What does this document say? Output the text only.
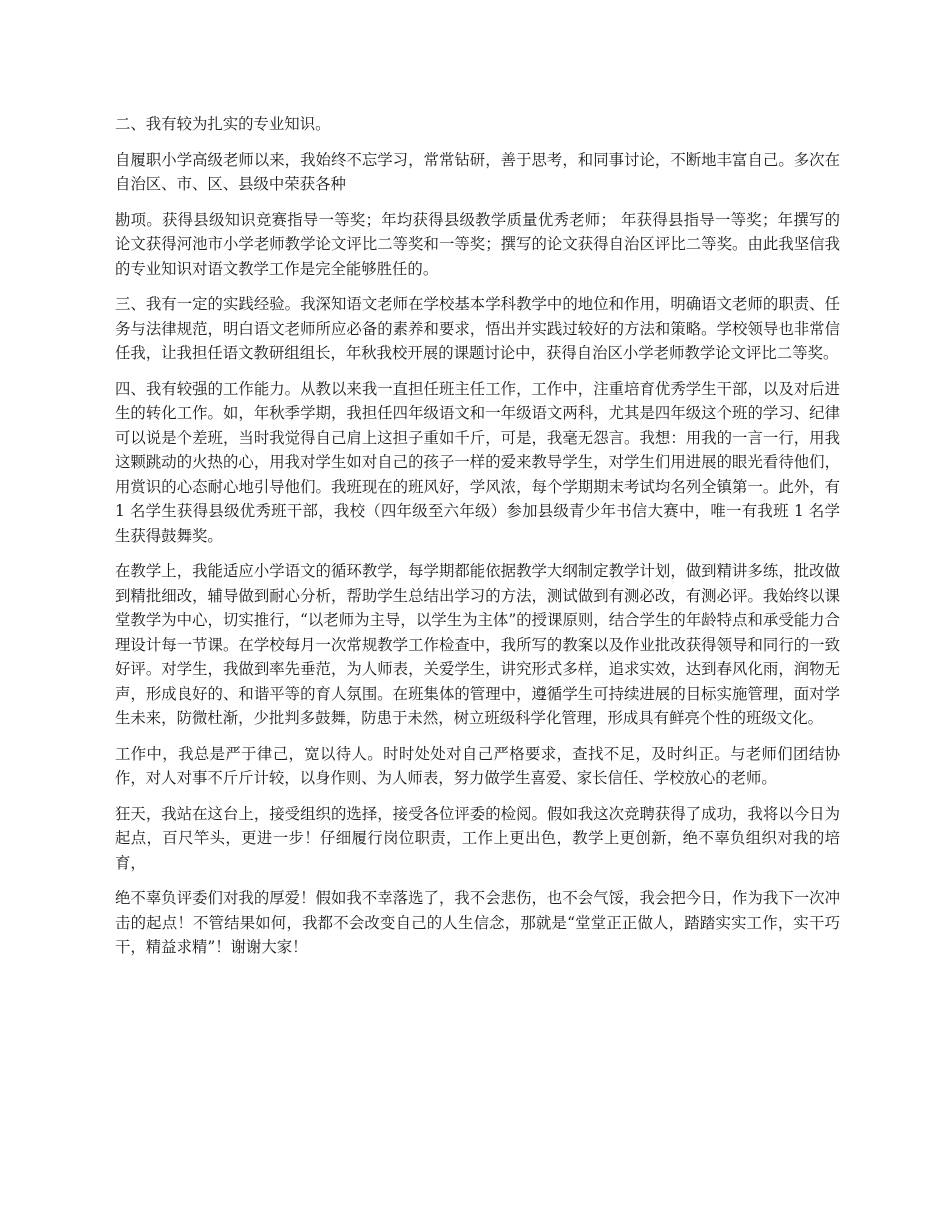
二、我有较为扎实的专业知识。

自履职小学高级老师以来，我始终不忘学习，常常钻研，善于思考，和同事讨论，不断地丰富自己。多次在自治区、市、区、县级中荣获各种

勘项。获得县级知识竞赛指导一等奖；年均获得县级教学质量优秀老师； 年获得县指导一等奖；年撰写的论文获得河池市小学老师教学论文评比二等奖和一等奖；撰写的论文获得自治区评比二等奖。由此我坚信我的专业知识对语文教学工作是完全能够胜任的。

三、我有一定的实践经验。我深知语文老师在学校基本学科教学中的地位和作用，明确语文老师的职责、任务与法律规范，明白语文老师所应必备的素养和要求，悟出并实践过较好的方法和策略。学校领导也非常信任我，让我担任语文教研组组长，年秋我校开展的课题讨论中，获得自治区小学老师教学论文评比二等奖。

四、我有较强的工作能力。从教以来我一直担任班主任工作，工作中，注重培育优秀学生干部，以及对后进生的转化工作。如，年秋季学期，我担任四年级语文和一年级语文两科，尤其是四年级这个班的学习、纪律可以说是个差班，当时我觉得自己肩上这担子重如千斤，可是，我毫无怨言。我想：用我的一言一行，用我这颗跳动的火热的心，用我对学生如对自己的孩子一样的爱来教导学生，对学生们用进展的眼光看待他们，用赏识的心态耐心地引导他们。我班现在的班风好，学风浓，每个学期期末考试均名列全镇第一。此外，有 1 名学生获得县级优秀班干部，我校（四年级至六年级）参加县级青少年书信大赛中，唯一有我班 1 名学生获得鼓舞奖。

在教学上，我能适应小学语文的循环教学，每学期都能依据教学大纲制定教学计划，做到精讲多练，批改做到精批细改，辅导做到耐心分析，帮助学生总结出学习的方法，测试做到有测必改，有测必评。我始终以课堂教学为中心，切实推行，“以老师为主导，以学生为主体”的授课原则，结合学生的年龄特点和承受能力合理设计每一节课。在学校每月一次常规教学工作检查中，我所写的教案以及作业批改获得领导和同行的一致好评。对学生，我做到率先垂范，为人师表，关爱学生，讲究形式多样，追求实效，达到春风化雨，润物无声，形成良好的、和谐平等的育人氛围。在班集体的管理中，遵循学生可持续进展的目标实施管理，面对学生未来，防微杜渐，少批判多鼓舞，防患于未然，树立班级科学化管理，形成具有鲜亮个性的班级文化。

工作中，我总是严于律己，宽以待人。时时处处对自己严格要求，查找不足，及时纠正。与老师们团结协作，对人对事不斤斤计较，以身作则、为人师表，努力做学生喜爱、家长信任、学校放心的老师。

狂天，我站在这台上，接受组织的选择，接受各位评委的检阅。假如我这次竞聘获得了成功，我将以今日为起点，百尺竿头，更进一步！仔细履行岗位职责，工作上更出色，教学上更创新，绝不辜负组织对我的培育，

绝不辜负评委们对我的厚爱！假如我不幸落选了，我不会悲伤，也不会气馁，我会把今日，作为我下一次冲击的起点！不管结果如何，我都不会改变自己的人生信念，那就是“堂堂正正做人，踏踏实实工作，实干巧干，精益求精”！谢谢大家！
